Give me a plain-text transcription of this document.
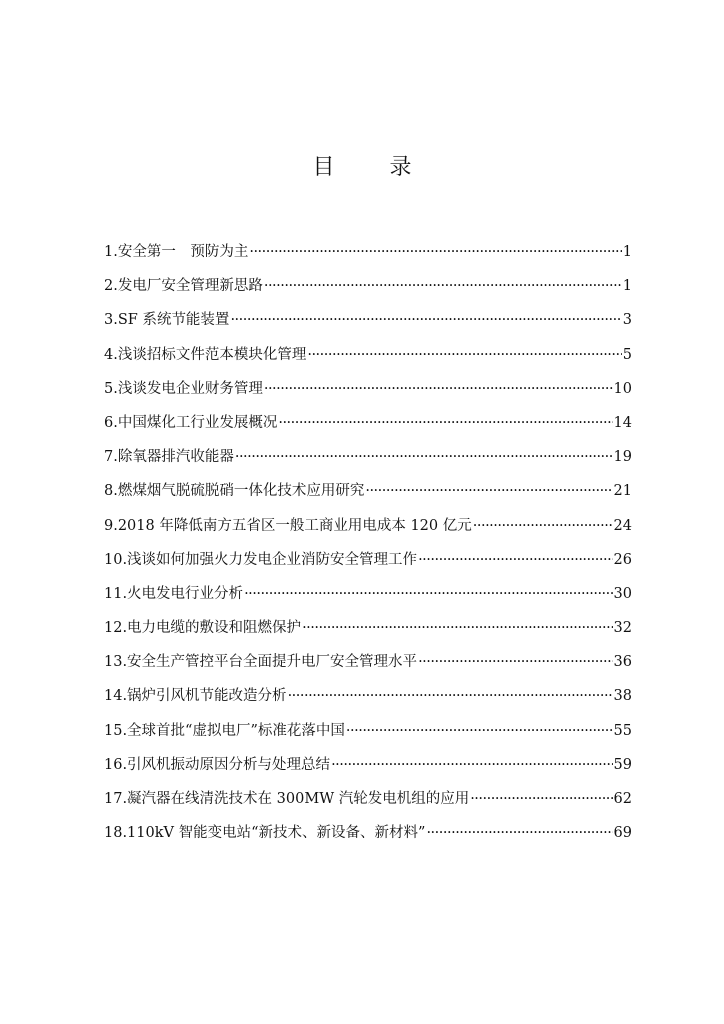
目 录
1.安全第一　预防为主 ·····	1
2.发电厂安全管理新思路 ·····	1
3.SF 系统节能装置 ·····	3
4.浅谈招标文件范本模块化管理 ·····	5
5.浅谈发电企业财务管理 ·····	10
6.中国煤化工行业发展概况 ·····	14
7.除氧器排汽收能器 ·····	19
8.燃煤烟气脱硫脱硝一体化技术应用研究 ·····	21
9.2018 年降低南方五省区一般工商业用电成本 120 亿元 ·····	24
10.浅谈如何加强火力发电企业消防安全管理工作 ·····	26
11.火电发电行业分析 ·····	30
12.电力电缆的敷设和阻燃保护 ·····	32
13.安全生产管控平台全面提升电厂安全管理水平 ·····	36
14.锅炉引风机节能改造分析 ·····	38
15.全球首批“虚拟电厂”标准花落中国 ·····	55
16.引风机振动原因分析与处理总结 ·····	59
17.凝汽器在线清洗技术在 300MW 汽轮发电机组的应用 ·····	62
18.110kV 智能变电站“新技术、新设备、新材料” ·····	69
